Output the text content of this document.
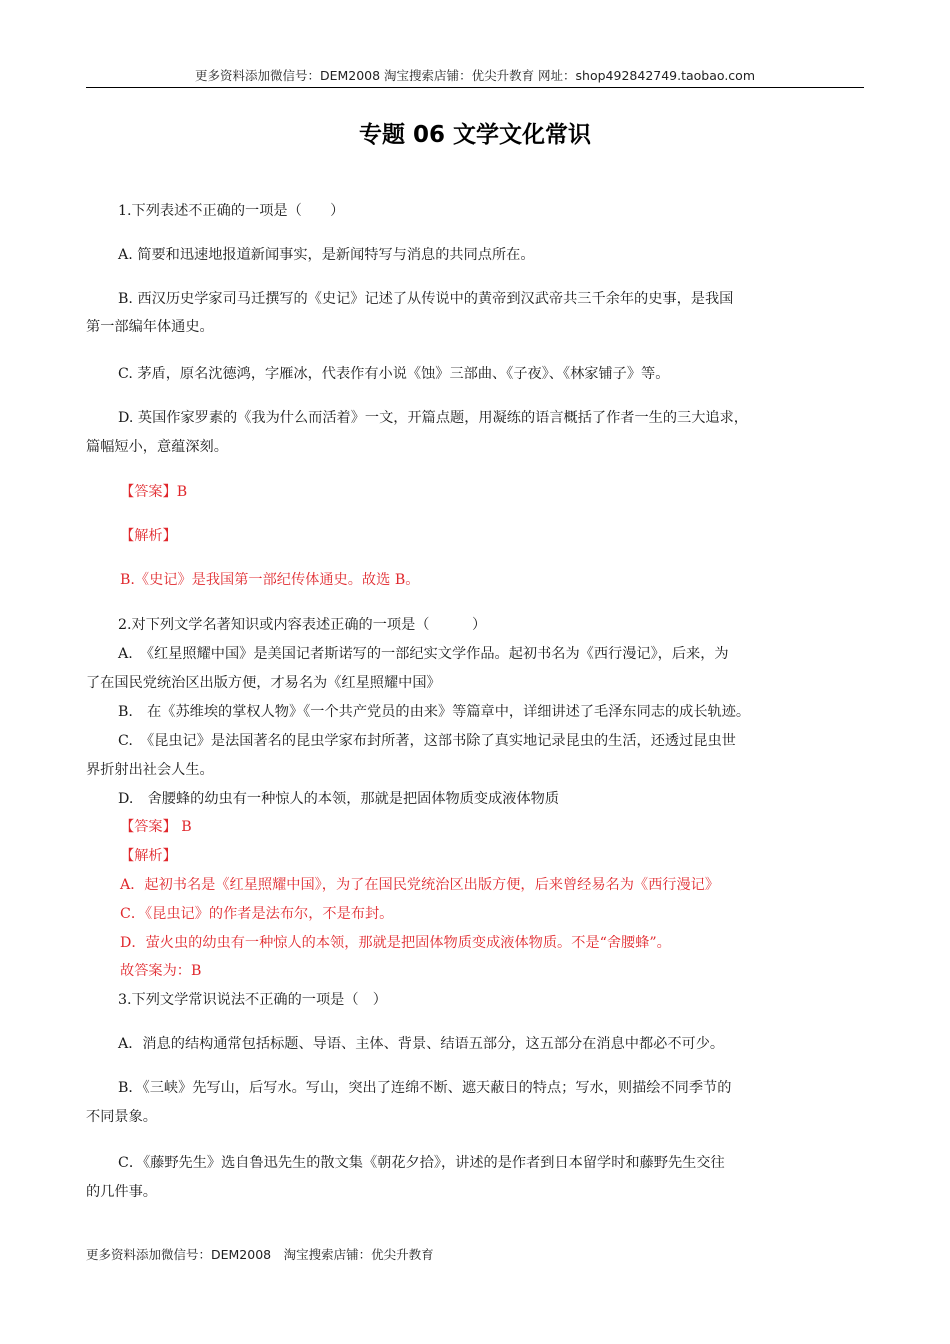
更多资料添加微信号：DEM2008 淘宝搜索店铺：优尖升教育 网址：shop492842749.taobao.com
专题 06 文学文化常识
1.下列表述不正确的一项是（　　）
A. 简要和迅速地报道新闻事实，是新闻特写与消息的共同点所在。
B. 西汉历史学家司马迁撰写的《史记》记述了从传说中的黄帝到汉武帝共三千余年的史事，是我国
第一部编年体通史。
C. 茅盾，原名沈德鸿，字雁冰，代表作有小说《蚀》三部曲、《子夜》、《林家铺子》等。
D. 英国作家罗素的《我为什么而活着》一文，开篇点题，用凝练的语言概括了作者一生的三大追求，
篇幅短小，意蕴深刻。
【答案】B
【解析】
B.《史记》是我国第一部纪传体通史。故选 B。
2.对下列文学名著知识或内容表述正确的一项是（　　　）
A.　《红星照耀中国》是美国记者斯诺写的一部纪实文学作品。起初书名为《西行漫记》，后来，为
了在国民党统治区出版方便，才易名为《红星照耀中国》
B.　在《苏维埃的掌权人物》《一个共产党员的由来》等篇章中，详细讲述了毛泽东同志的成长轨迹。
C.　《昆虫记》是法国著名的昆虫学家布封所著，这部书除了真实地记录昆虫的生活，还透过昆虫世
界折射出社会人生。
D.　舍腰蜂的幼虫有一种惊人的本领，那就是把固体物质变成液体物质
【答案】 B
【解析】
A．起初书名是《红星照耀中国》，为了在国民党统治区出版方便，后来曾经易名为《西行漫记》
C．《昆虫记》的作者是法布尔，不是布封。
D．萤火虫的幼虫有一种惊人的本领，那就是把固体物质变成液体物质。不是“舍腰蜂”。
故答案为：B
3.下列文学常识说法不正确的一项是（　）
A．消息的结构通常包括标题、导语、主体、背景、结语五部分，这五部分在消息中都必不可少。
B．《三峡》先写山，后写水。写山，突出了连绵不断、遮天蔽日的特点；写水，则描绘不同季节的
不同景象。
C．《藤野先生》选自鲁迅先生的散文集《朝花夕拾》，讲述的是作者到日本留学时和藤野先生交往
的几件事。
更多资料添加微信号：DEM2008　淘宝搜索店铺：优尖升教育
